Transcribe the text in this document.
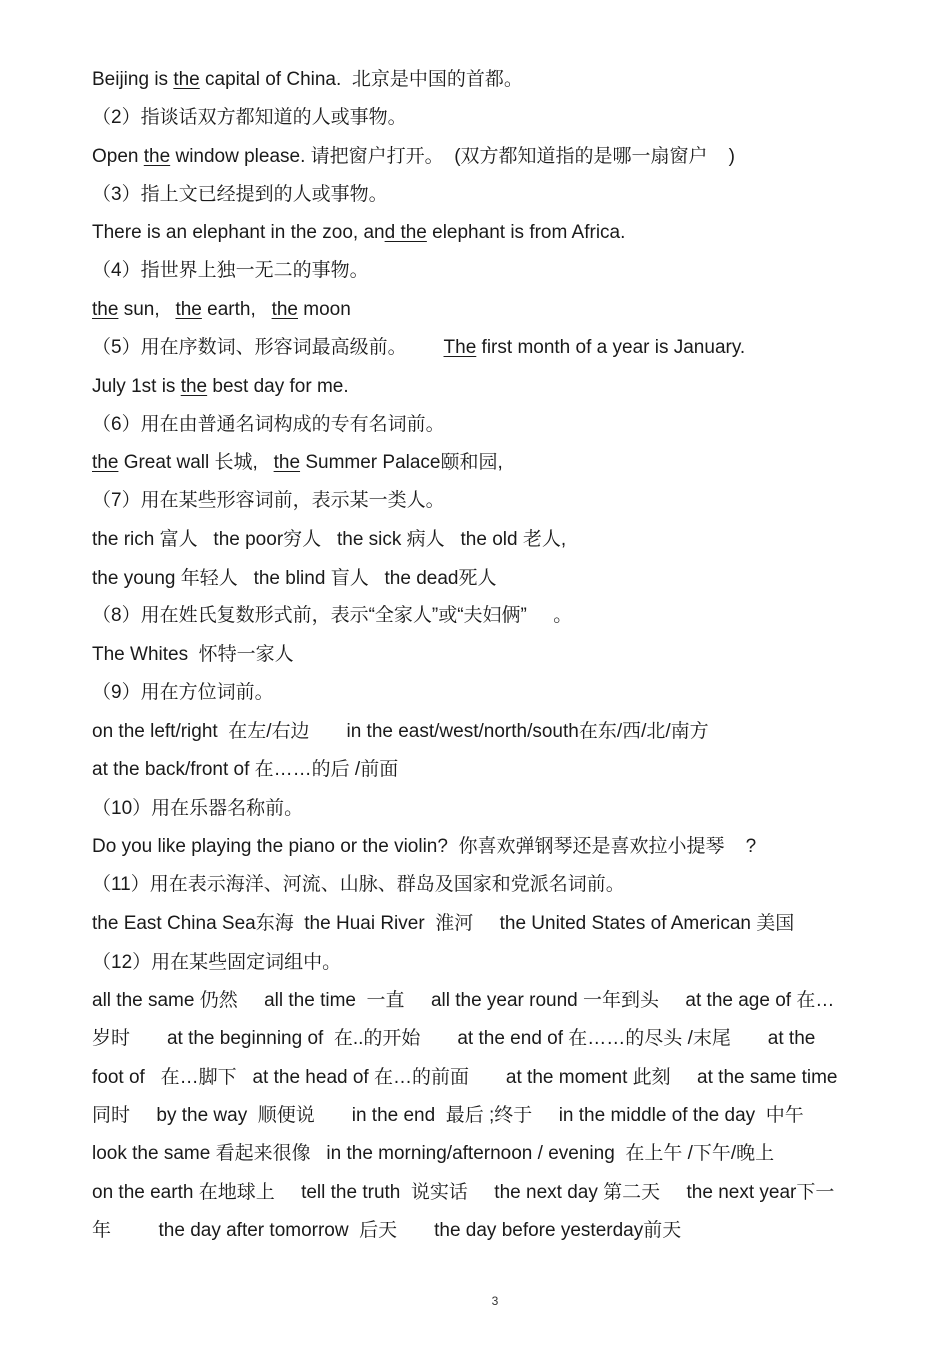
Beijing is the capital of China.  北京是中国的首都。
（2）指谈话双方都知道的人或事物。
Open the window please. 请把窗户打开。  (双方都知道指的是哪一扇窗户    )
（3）指上文已经提到的人或事物。
There is an elephant in the zoo, and the elephant is from Africa.
（4）指世界上独一无二的事物。
the sun,   the earth,   the moon
（5）用在序数词、形容词最高级前。       The first month of a year is January.
July 1st is the best day for me.
（6）用在由普通名词构成的专有名词前。
the Great wall 长城,   the Summer Palace颐和园,
（7）用在某些形容词前，表示某一类人。
the rich 富人   the poor穷人   the sick 病人   the old 老人,
the young 年轻人   the blind 盲人   the dead死人
（8）用在姓氏复数形式前，表示“全家人”或“夫妇俩”     。
The Whites  怀特一家人
（9）用在方位词前。
on the left/right  在左/右边       in the east/west/north/south在东/西/北/南方
at the back/front of 在……的后 /前面
（10）用在乐器名称前。
Do you like playing the piano or the violin?  你喜欢弹钢琴还是喜欢拉小提琴    ?
（11）用在表示海洋、河流、山脉、群岛及国家和党派名词前。
the East China Sea东海  the Huai River  淮河     the United States of American 美国
（12）用在某些固定词组中。
all the same 仍然     all the time  一直     all the year round 一年到头     at the age of 在…
岁时       at the beginning of  在..的开始       at the end of 在……的尽头 /末尾       at the
foot of   在…脚下   at the head of 在…的前面       at the moment 此刻     at the same time
同时     by the way  顺便说       in the end  最后 ;终于     in the middle of the day  中午
look the same 看起来很像   in the morning/afternoon / evening  在上午 /下午/晚上
on the earth 在地球上     tell the truth  说实话     the next day 第二天     the next year下一
年         the day after tomorrow  后天       the day before yesterday前天
3
